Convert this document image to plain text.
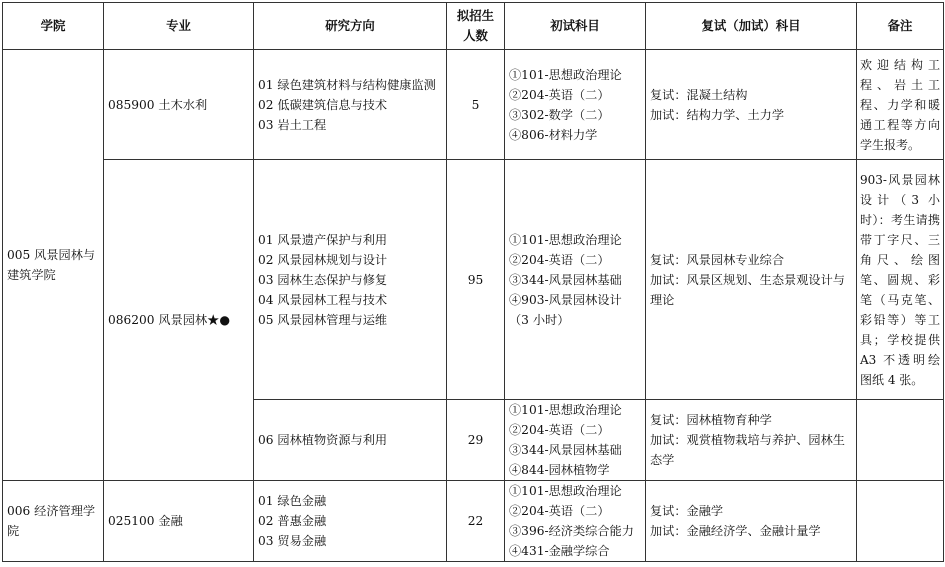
学院	专业	研究方向	拟招生人数	初试科目	复试（加试）科目	备注
005 风景园林与建筑学院	085900 土木水利	01 绿色建筑材料与结构健康监测
02 低碳建筑信息与技术
03 岩土工程	5	①101-思想政治理论
②204-英语（二）
③302-数学（二）
④806-材料力学	复试：混凝土结构
加试：结构力学、土力学	欢迎结构工程、岩土工程、力学和暖通工程等方向学生报考。
	086200 风景园林★●	01 风景遗产保护与利用
02 风景园林规划与设计
03 园林生态保护与修复
04 风景园林工程与技术
05 风景园林管理与运维	95	①101-思想政治理论
②204-英语（二）
③344-风景园林基础
④903-风景园林设计
（3 小时）	复试：风景园林专业综合
加试：风景区规划、生态景观设计与理论	903-风景园林设计（3 小时）：考生请携带丁字尺、三角尺、绘图笔、圆规、彩笔（马克笔、彩铅等）等工具；学校提供 A3 不透明绘图纸 4 张。

		06 园林植物资源与利用	29	①101-思想政治理论
②204-英语（二）
③344-风景园林基础
④844-园林植物学	复试：园林植物育种学
加试：观赏植物栽培与养护、园林生态学	

006 经济管理学院	025100 金融	01 绿色金融
02 普惠金融
03 贸易金融	22	①101-思想政治理论
②204-英语（二）
③396-经济类综合能力
④431-金融学综合	复试：金融学
加试：金融经济学、金融计量学	
